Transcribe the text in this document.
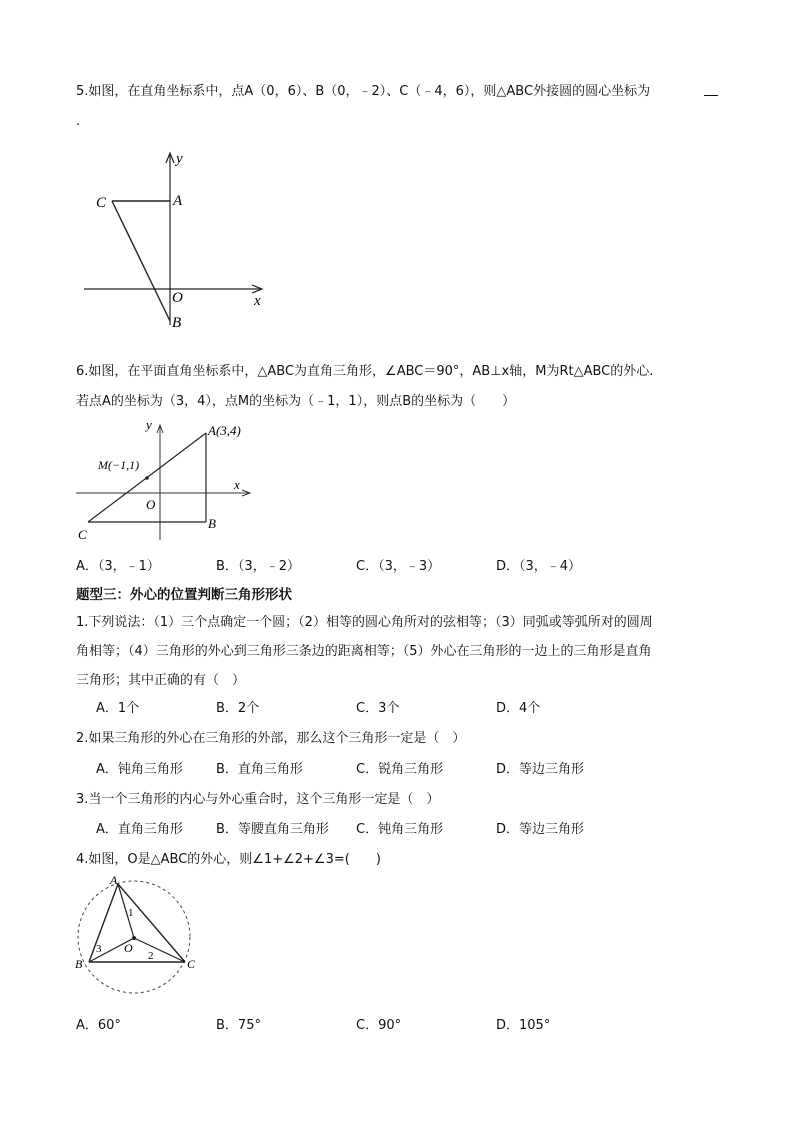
5.如图，在直角坐标系中，点A（0，6）、B（0，﹣2）、C（﹣4，6），则△ABC外接圆的圆心坐标为
.
C	A
y
x
O
B
6.如图，在平面直角坐标系中，△ABC为直角三角形，∠ABC＝90°，AB⊥x轴，M为Rt△ABC的外心.
若点A的坐标为（3，4），点M的坐标为（﹣1，1），则点B的坐标为（　　）
y
x
A(3,4)
M(−1,1)
O
C
B
A．（3，﹣1）	B．（3，﹣2）	C．（3，﹣3）	D．（3，﹣4）
题型三：外心的位置判断三角形形状
1.下列说法：（1）三个点确定一个圆；（2）相等的圆心角所对的弦相等；（3）同弧或等弧所对的圆周
角相等；（4）三角形的外心到三角形三条边的距离相等；（5）外心在三角形的一边上的三角形是直角
三角形；其中正确的有（　）
A．1个	B．2个	C．3个	D．4个
2.如果三角形的外心在三角形的外部，那么这个三角形一定是（　）
A．钝角三角形	B．直角三角形	C．锐角三角形	D．等边三角形
3.当一个三角形的内心与外心重合时，这个三角形一定是（　）
A．直角三角形	B．等腰直角三角形 C．钝角三角形	D．等边三角形
4.如图，O是△ABC的外心，则∠1+∠2+∠3=(　　)
A
B	C
O
1
2
3
A．60°	B．75°	C．90°	D．105°
